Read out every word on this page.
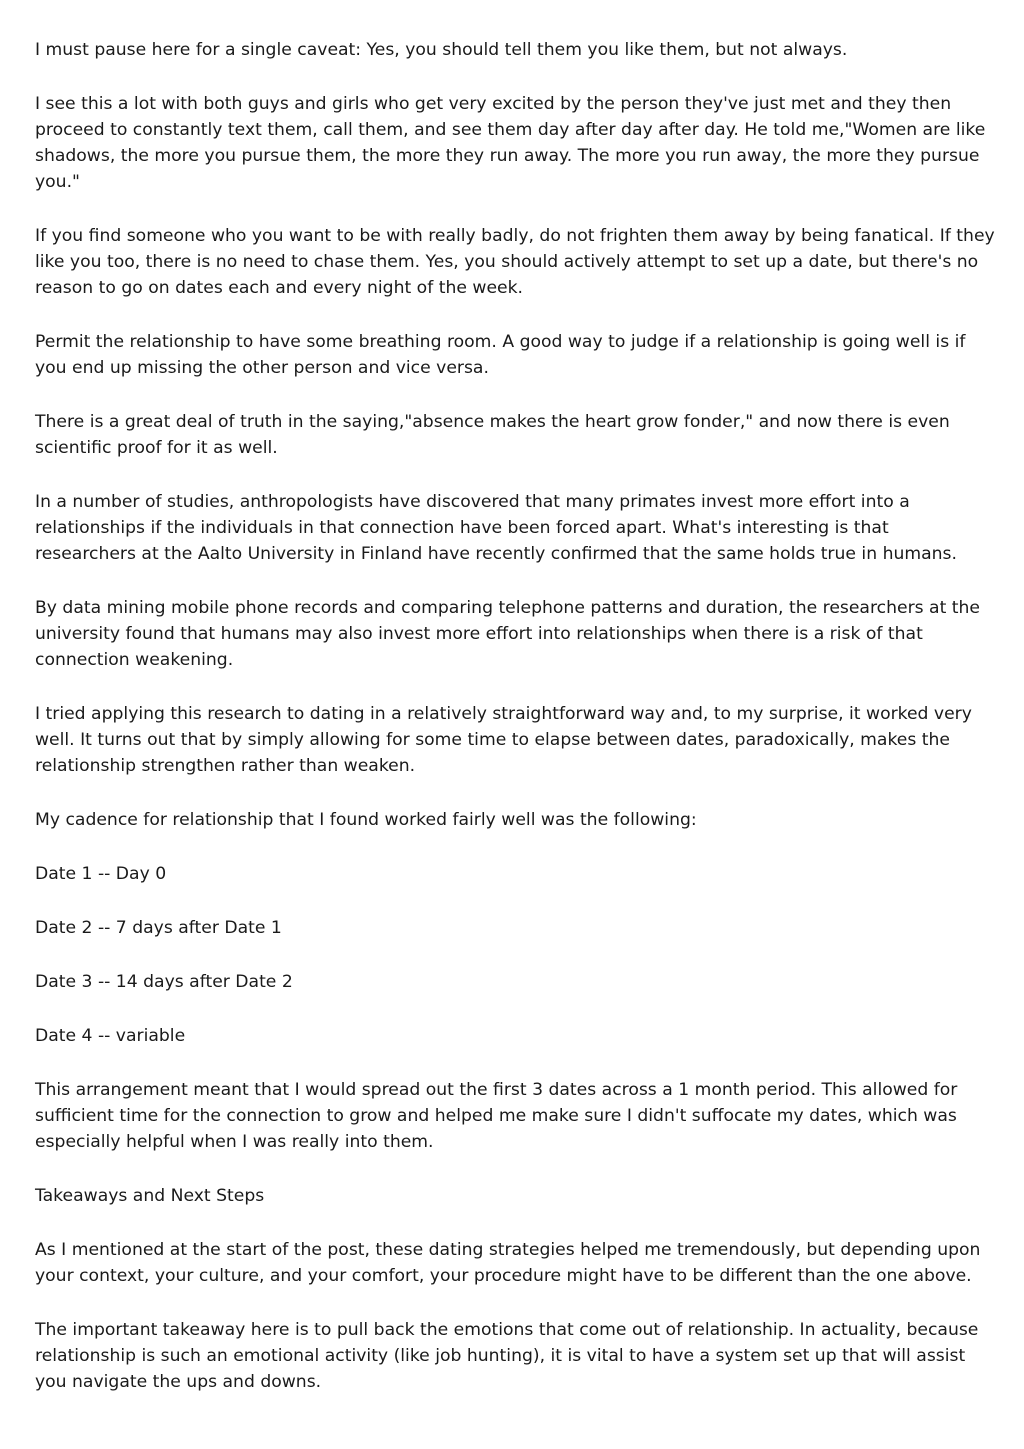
I must pause here for a single caveat: Yes, you should tell them you like them, but not always.

I see this a lot with both guys and girls who get very excited by the person they've just met and they then proceed to constantly text them, call them, and see them day after day after day. He told me,"Women are like shadows, the more you pursue them, the more they run away. The more you run away, the more they pursue you."

If you find someone who you want to be with really badly, do not frighten them away by being fanatical. If they like you too, there is no need to chase them. Yes, you should actively attempt to set up a date, but there's no reason to go on dates each and every night of the week.

Permit the relationship to have some breathing room. A good way to judge if a relationship is going well is if you end up missing the other person and vice versa.

There is a great deal of truth in the saying,"absence makes the heart grow fonder," and now there is even scientific proof for it as well.

In a number of studies, anthropologists have discovered that many primates invest more effort into a relationships if the individuals in that connection have been forced apart. What's interesting is that researchers at the Aalto University in Finland have recently confirmed that the same holds true in humans.

By data mining mobile phone records and comparing telephone patterns and duration, the researchers at the university found that humans may also invest more effort into relationships when there is a risk of that connection weakening.

I tried applying this research to dating in a relatively straightforward way and, to my surprise, it worked very well. It turns out that by simply allowing for some time to elapse between dates, paradoxically, makes the relationship strengthen rather than weaken.

My cadence for relationship that I found worked fairly well was the following:

Date 1 -- Day 0

Date 2 -- 7 days after Date 1

Date 3 -- 14 days after Date 2

Date 4 -- variable

This arrangement meant that I would spread out the first 3 dates across a 1 month period. This allowed for sufficient time for the connection to grow and helped me make sure I didn't suffocate my dates, which was especially helpful when I was really into them.

Takeaways and Next Steps

As I mentioned at the start of the post, these dating strategies helped me tremendously, but depending upon your context, your culture, and your comfort, your procedure might have to be different than the one above.

The important takeaway here is to pull back the emotions that come out of relationship. In actuality, because relationship is such an emotional activity (like job hunting), it is vital to have a system set up that will assist you navigate the ups and downs.
